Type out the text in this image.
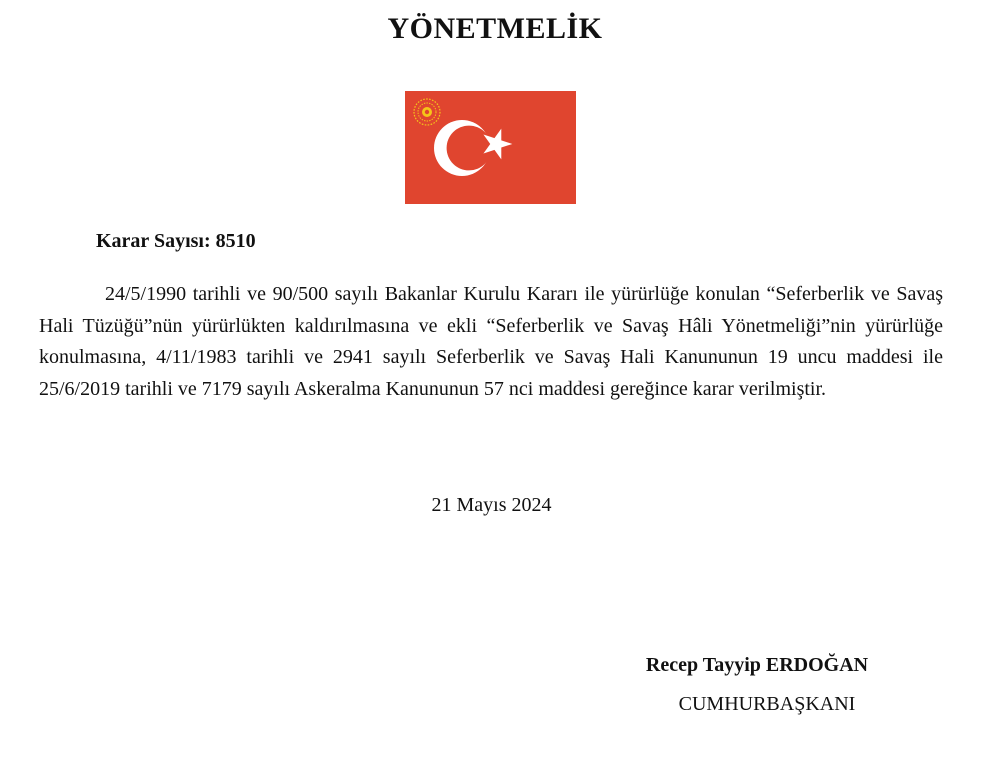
YÖNETMELİK
Karar Sayısı: 8510

24/5/1990 tarihli ve 90/500 sayılı Bakanlar Kurulu Kararı ile yürürlüğe konulan “Seferberlik ve Savaş Hali Tüzüğü”nün yürürlükten kaldırılmasına ve ekli “Seferberlik ve Savaş Hâli Yönetmeliği”nin yürürlüğe konulmasına, 4/11/1983 tarihli ve 2941 sayılı Seferberlik ve Savaş Hali Kanununun 19 uncu maddesi ile 25/6/2019 tarihli ve 7179 sayılı Askeralma Kanununun 57 nci maddesi gereğince karar verilmiştir.

21 Mayıs 2024
Recep Tayyip ERDOĞAN
CUMHURBAŞKANI
